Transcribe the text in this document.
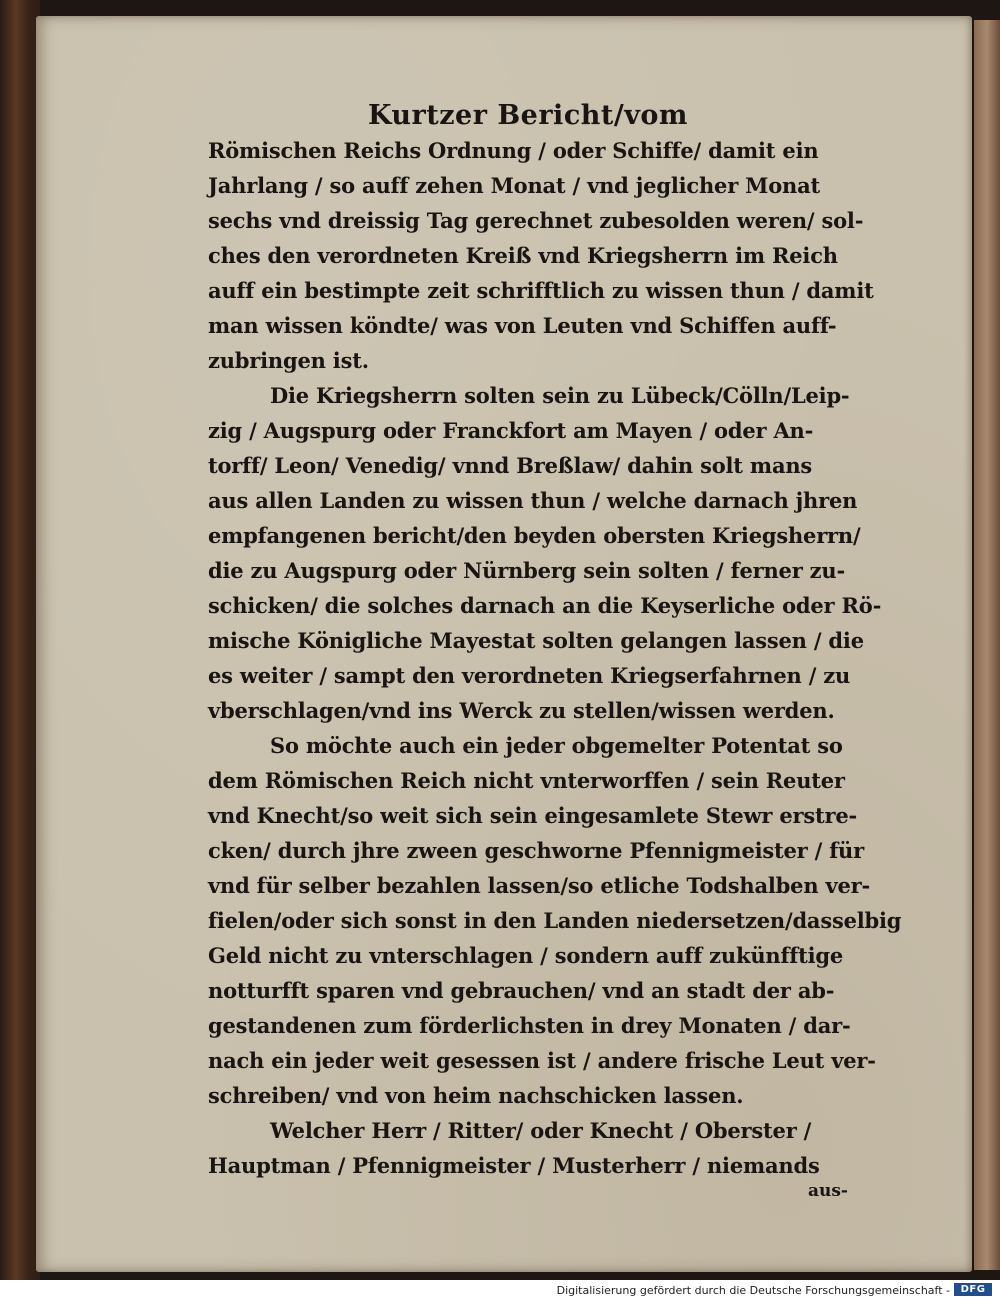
Kurtzer Bericht/vom
Römischen Reichs Ordnung / oder Schiffe/ damit ein
Jahrlang / so auff zehen Monat / vnd jeglicher Monat
sechs vnd dreissig Tag gerechnet zubesolden weren/ sol-
ches den verordneten Kreiß vnd Kriegsherrn im Reich
auff ein bestimpte zeit schrifftlich zu wissen thun / damit
man wissen köndte/ was von Leuten vnd Schiffen auff-
zubringen ist.
Die Kriegsherrn solten sein zu Lübeck/Cölln/Leip-
zig / Augspurg oder Franckfort am Mayen / oder An-
torff/ Leon/ Venedig/ vnnd Breßlaw/ dahin solt mans
aus allen Landen zu wissen thun / welche darnach jhren
empfangenen bericht/den beyden obersten Kriegsherrn/
die zu Augspurg oder Nürnberg sein solten / ferner zu-
schicken/ die solches darnach an die Keyserliche oder Rö-
mische Königliche Mayestat solten gelangen lassen / die
es weiter / sampt den verordneten Kriegserfahrnen / zu
vberschlagen/vnd ins Werck zu stellen/wissen werden.
So möchte auch ein jeder obgemelter Potentat so
dem Römischen Reich nicht vnterworffen / sein Reuter
vnd Knecht/so weit sich sein eingesamlete Stewr erstre-
cken/ durch jhre zween geschworne Pfennigmeister / für
vnd für selber bezahlen lassen/so etliche Todshalben ver-
fielen/oder sich sonst in den Landen niedersetzen/dasselbig
Geld nicht zu vnterschlagen / sondern auff zukünfftige
notturfft sparen vnd gebrauchen/ vnd an stadt der ab-
gestandenen zum förderlichsten in drey Monaten / dar-
nach ein jeder weit gesessen ist / andere frische Leut ver-
schreiben/ vnd von heim nachschicken lassen.
Welcher Herr / Ritter/ oder Knecht / Oberster /
Hauptman / Pfennigmeister / Musterherr / niemands
aus-
Digitalisierung gefördert durch die Deutsche Forschungsgemeinschaft -	DFG
